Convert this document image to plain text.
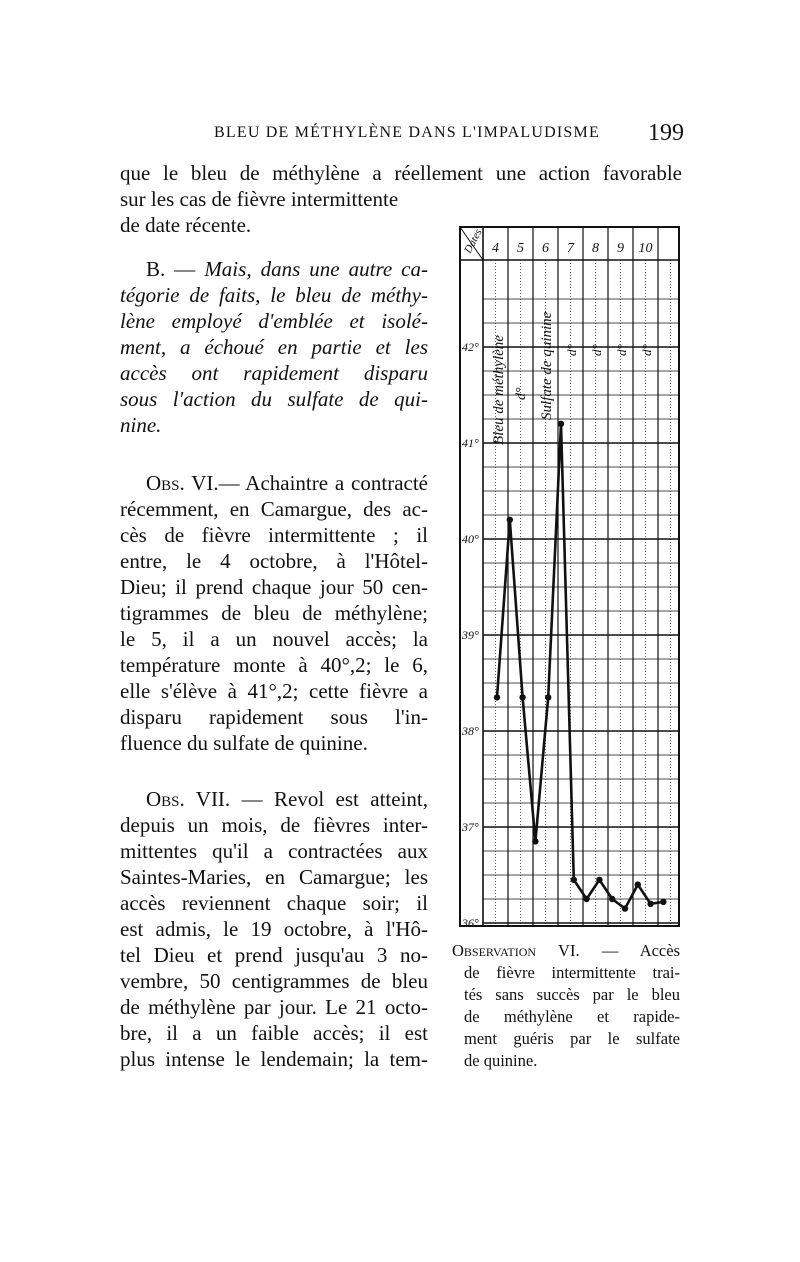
BLEU DE MÉTHYLÈNE DANS L'IMPALUDISME 199
que le bleu de méthylène a réellement une action favorable
sur les cas de fièvre intermittente
de date récente.
B. — Mais, dans une autre ca-
tégorie de faits, le bleu de méthy-
lène employé d'emblée et isolé-
ment, a échoué en partie et les
accès ont rapidement disparu
sous l'action du sulfate de qui-
nine.
Obs. VI.— Achaintre a contracté
récemment, en Camargue, des ac-
cès de fièvre intermittente ; il
entre, le 4 octobre, à l'Hôtel-
Dieu; il prend chaque jour 50 cen-
tigrammes de bleu de méthylène;
le 5, il a un nouvel accès; la
température monte à 40°,2; le 6,
elle s'élève à 41°,2; cette fièvre a
disparu rapidement sous l'in-
fluence du sulfate de quinine.
Obs. VII. — Revol est atteint,
depuis un mois, de fièvres inter-
mittentes qu'il a contractées aux
Saintes-Maries, en Camargue; les
accès reviennent chaque soir; il
est admis, le 19 octobre, à l'Hô-
tel Dieu et prend jusqu'au 3 no-
vembre, 50 centigrammes de bleu
de méthylène par jour. Le 21 octo-
bre, il a un faible accès; il est
plus intense le lendemain; la tem-
Dates 4 5 6 7 8 9 10
42°
41°
40°
39°
38°
37°
36°
Bleu de méthylène d° Sulfate de quinine d° d° d° d°
Observation VI. — Accès
de fièvre intermittente trai-
tés sans succès par le bleu
de méthylène et rapide-
ment guéris par le sulfate
de quinine.
